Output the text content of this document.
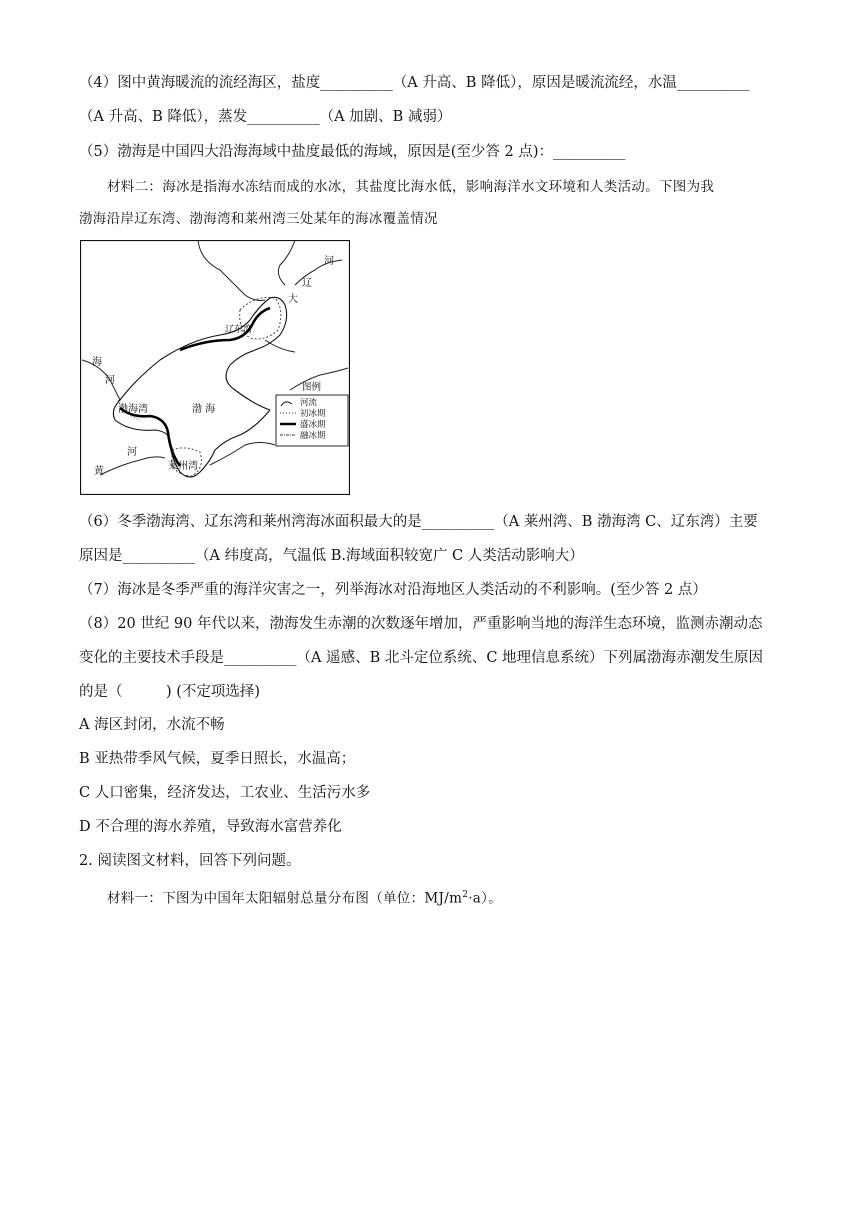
（4）图中黄海暖流的流经海区，盐度__________（A 升高、B 降低），原因是暖流流经，水温__________
（A 升高、B 降低），蒸发__________（A 加剧、B 减弱）
（5）渤海是中国四大沿海海域中盐度最低的海域，原因是(至少答 2 点)：__________
材料二：海冰是指海水冻结而成的水冰，其盐度比海水低，影响海洋水文环境和人类活动。下图为我
渤海沿岸辽东湾、渤海湾和莱州湾三处某年的海冰覆盖情况
河
辽
大
辽东湾
海
河
渤海湾	渤 海
河
黄	莱州湾
图例
河流
初冰期
盛冰期
融冰期
（6）冬季渤海湾、辽东湾和莱州湾海冰面积最大的是__________（A 莱州湾、B 渤海湾 C、辽东湾）主要
原因是__________（A 纬度高，气温低 B.海域面积较宽广 C 人类活动影响大）
（7）海冰是冬季严重的海洋灾害之一，列举海冰对沿海地区人类活动的不利影响。(至少答 2 点）
（8）20 世纪 90 年代以来，渤海发生赤潮的次数逐年增加，严重影响当地的海洋生态环境，监测赤潮动态
变化的主要技术手段是__________（A 遥感、B 北斗定位系统、C 地理信息系统）下列属渤海赤潮发生原因
的是（　　　) (不定项选择)
A 海区封闭，水流不畅
B 亚热带季风气候，夏季日照长，水温高；
C 人口密集，经济发达，工农业、生活污水多
D 不合理的海水养殖，导致海水富营养化
2. 阅读图文材料，回答下列问题。
材料一：下图为中国年太阳辐射总量分布图（单位：$MJ/m^2\cdot a$）。
